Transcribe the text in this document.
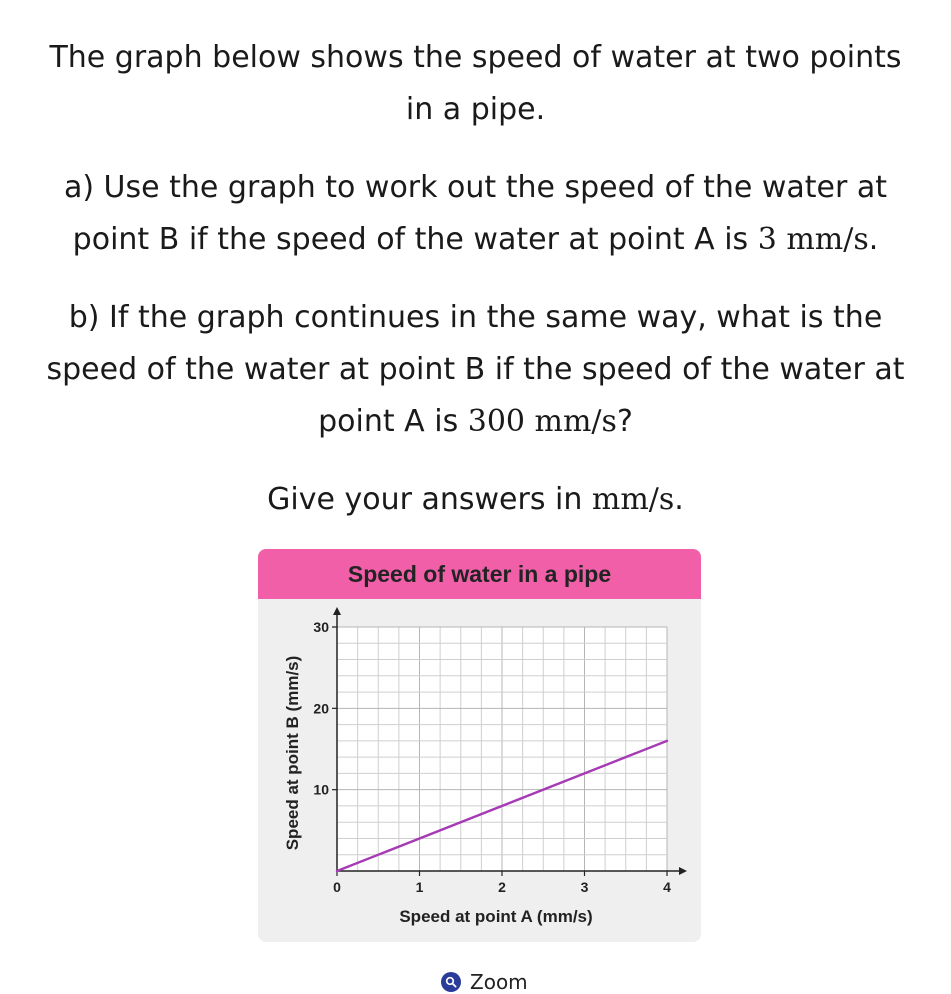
The graph below shows the speed of water at two points

in a pipe.

a) Use the graph to work out the speed of the water at

point B if the speed of the water at point A is 3 mm/s.

b) If the graph continues in the same way, what is the

speed of the water at point B if the speed of the water at

point A is 300 mm/s?

Give your answers in mm/s.

Speed of water in a pipe
0	1	2	3	4
10
20
30
Speed at point A (mm/s)
Speed at point B (mm/s)
Zoom
